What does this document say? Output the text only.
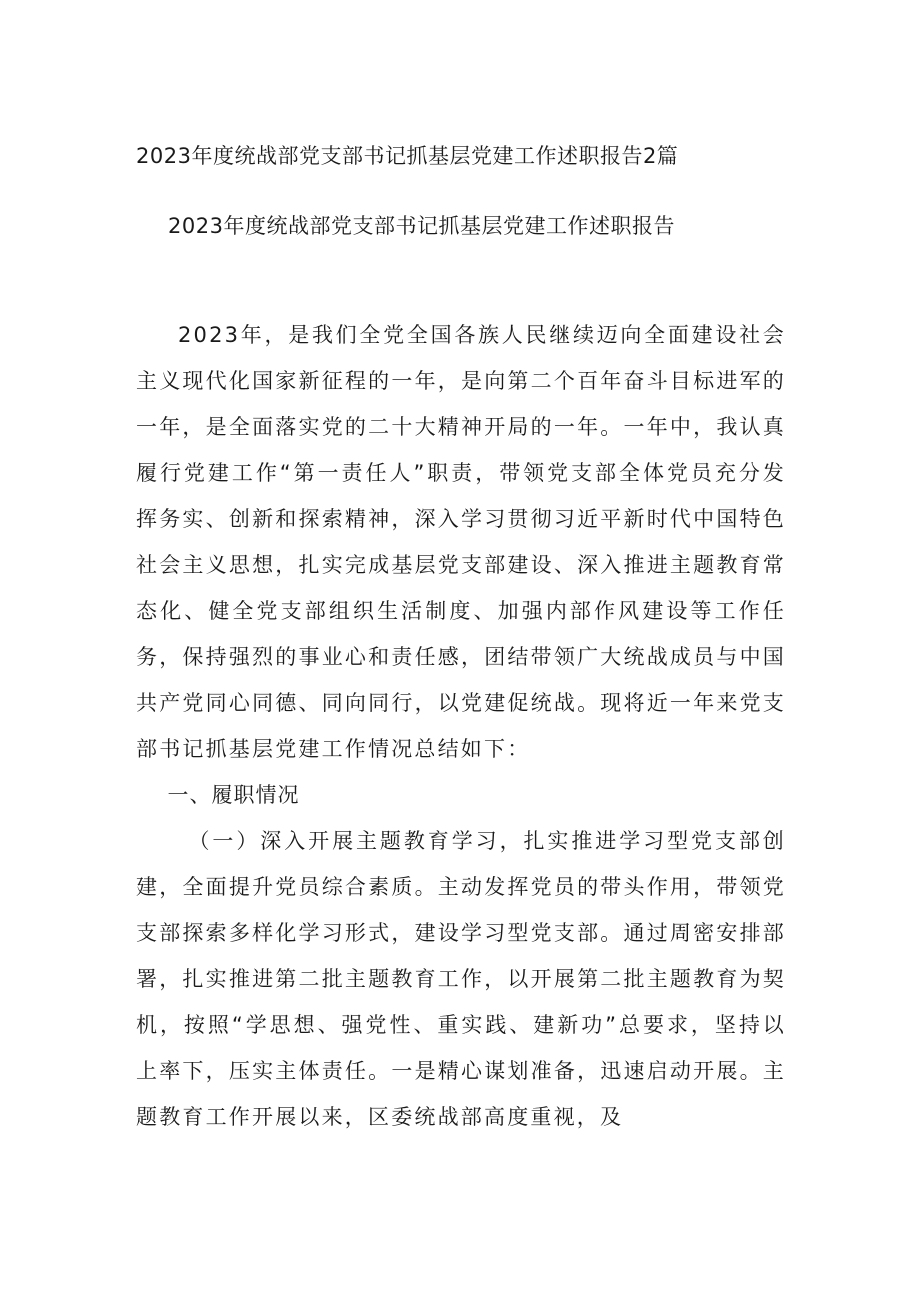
2023年度统战部党支部书记抓基层党建工作述职报告2篇
2023年度统战部党支部书记抓基层党建工作述职报告

2023年，是我们全党全国各族人民继续迈向全面建设社会主义现代化国家新征程的一年，是向第二个百年奋斗目标进军的一年，是全面落实党的二十大精神开局的一年。一年中，我认真履行党建工作“第一责任人”职责，带领党支部全体党员充分发挥务实、创新和探索精神，深入学习贯彻习近平新时代中国特色社会主义思想，扎实完成基层党支部建设、深入推进主题教育常态化、健全党支部组织生活制度、加强内部作风建设等工作任务，保持强烈的事业心和责任感，团结带领广大统战成员与中国共产党同心同德、同向同行，以党建促统战。现将近一年来党支部书记抓基层党建工作情况总结如下：

一、履职情况

（一）深入开展主题教育学习，扎实推进学习型党支部创建，全面提升党员综合素质。主动发挥党员的带头作用，带领党支部探索多样化学习形式，建设学习型党支部。通过周密安排部署，扎实推进第二批主题教育工作，以开展第二批主题教育为契机，按照“学思想、强党性、重实践、建新功”总要求，坚持以上率下，压实主体责任。一是精心谋划准备，迅速启动开展。主题教育工作开展以来，区委统战部高度重视，及
